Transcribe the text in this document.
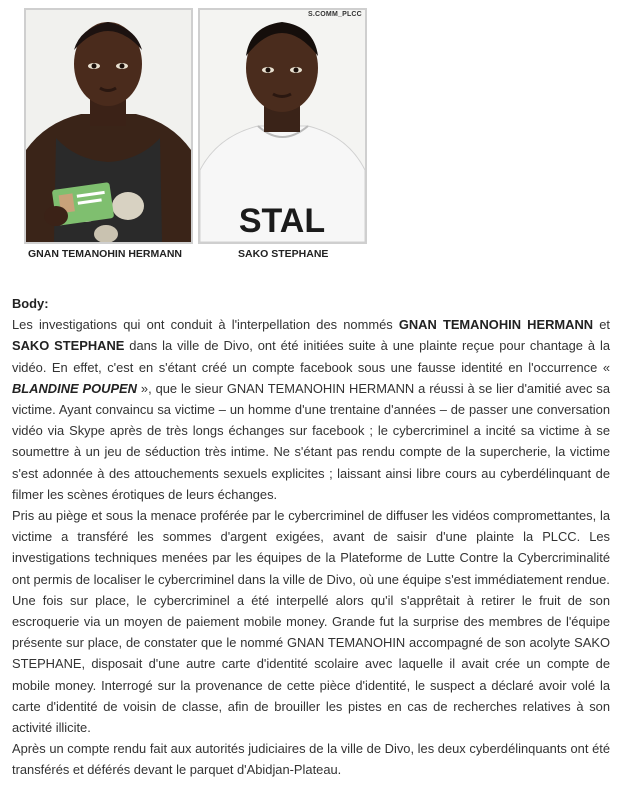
STAL
S.COMM_PLCC
GNAN TEMANOHIN HERMANN	SAKO STEPHANE
Body:

Les investigations qui ont conduit à l'interpellation des nommés GNAN TEMANOHIN HERMANN et SAKO STEPHANE dans la ville de Divo, ont été initiées suite à une plainte reçue pour chantage à la vidéo. En effet, c'est en s'étant créé un compte facebook sous une fausse identité en l'occurrence « BLANDINE POUPEN », que le sieur GNAN TEMANOHIN HERMANN a réussi à se lier d'amitié avec sa victime. Ayant convaincu sa victime – un homme d'une trentaine d'années – de passer une conversation vidéo via Skype après de très longs échanges sur facebook ; le cybercriminel a incité sa victime à se soumettre à un jeu de séduction très intime. Ne s'étant pas rendu compte de la supercherie, la victime s'est adonnée à des attouchements sexuels explicites ; laissant ainsi libre cours au cyberdélinquant de filmer les scènes érotiques de leurs échanges.

Pris au piège et sous la menace proférée par le cybercriminel de diffuser les vidéos compromettantes, la victime a transféré les sommes d'argent exigées, avant de saisir d'une plainte la PLCC. Les investigations techniques menées par les équipes de la Plateforme de Lutte Contre la Cybercriminalité ont permis de localiser le cybercriminel dans la ville de Divo, où une équipe s'est immédiatement rendue.

Une fois sur place, le cybercriminel a été interpellé alors qu'il s'apprêtait à retirer le fruit de son escroquerie via un moyen de paiement mobile money. Grande fut la surprise des membres de l'équipe présente sur place, de constater que le nommé GNAN TEMANOHIN accompagné de son acolyte SAKO STEPHANE, disposait d'une autre carte d'identité scolaire avec laquelle il avait crée un compte de mobile money. Interrogé sur la provenance de cette pièce d'identité, le suspect a déclaré avoir volé la carte d'identité de voisin de classe, afin de brouiller les pistes en cas de recherches relatives à son activité illicite.

Après un compte rendu fait aux autorités judiciaires de la ville de Divo, les deux cyberdélinquants ont été transférés et déférés devant le parquet d'Abidjan-Plateau.
